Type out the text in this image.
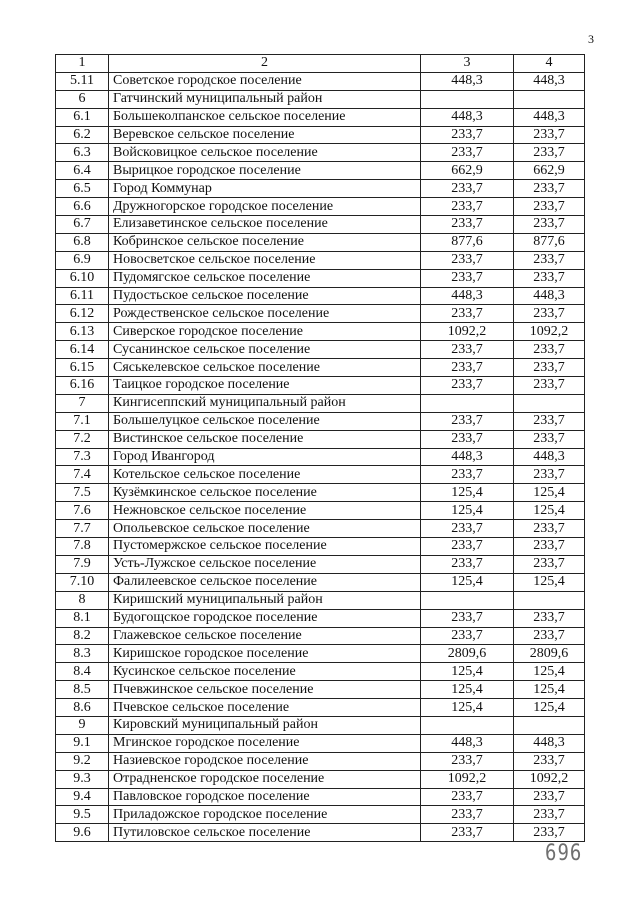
3
1	2	3	4
5.11	Советское городское поселение	448,3	448,3
6	Гатчинский муниципальный район		
6.1	Большеколпанское сельское поселение	448,3	448,3
6.2	Веревское сельское поселение	233,7	233,7
6.3	Войсковицкое сельское поселение	233,7	233,7
6.4	Вырицкое городское поселение	662,9	662,9
6.5	Город Коммунар	233,7	233,7
6.6	Дружногорское городское поселение	233,7	233,7
6.7	Елизаветинское сельское поселение	233,7	233,7
6.8	Кобринское сельское поселение	877,6	877,6
6.9	Новосветское сельское поселение	233,7	233,7
6.10	Пудомягское сельское поселение	233,7	233,7
6.11	Пудостьское сельское поселение	448,3	448,3
6.12	Рождественское сельское поселение	233,7	233,7
6.13	Сиверское городское поселение	1092,2	1092,2
6.14	Сусанинское сельское поселение	233,7	233,7
6.15	Сяськелевское сельское поселение	233,7	233,7
6.16	Таицкое городское поселение	233,7	233,7
7	Кингисеппский муниципальный район		
7.1	Большелуцкое сельское поселение	233,7	233,7
7.2	Вистинское сельское поселение	233,7	233,7
7.3	Город Ивангород	448,3	448,3
7.4	Котельское сельское поселение	233,7	233,7
7.5	Кузёмкинское сельское поселение	125,4	125,4
7.6	Нежновское сельское поселение	125,4	125,4
7.7	Опольевское сельское поселение	233,7	233,7
7.8	Пустомержское сельское поселение	233,7	233,7
7.9	Усть-Лужское сельское поселение	233,7	233,7
7.10	Фалилеевское сельское поселение	125,4	125,4
8	Киришский муниципальный район		
8.1	Будогощское городское поселение	233,7	233,7
8.2	Глажевское сельское поселение	233,7	233,7
8.3	Киришское городское поселение	2809,6	2809,6
8.4	Кусинское сельское поселение	125,4	125,4
8.5	Пчевжинское сельское поселение	125,4	125,4
8.6	Пчевское сельское поселение	125,4	125,4
9	Кировский муниципальный район		
9.1	Мгинское городское поселение	448,3	448,3
9.2	Назиевское городское поселение	233,7	233,7
9.3	Отрадненское городское поселение	1092,2	1092,2
9.4	Павловское городское поселение	233,7	233,7
9.5	Приладожское городское поселение	233,7	233,7
9.6	Путиловское сельское поселение	233,7	233,7
696
